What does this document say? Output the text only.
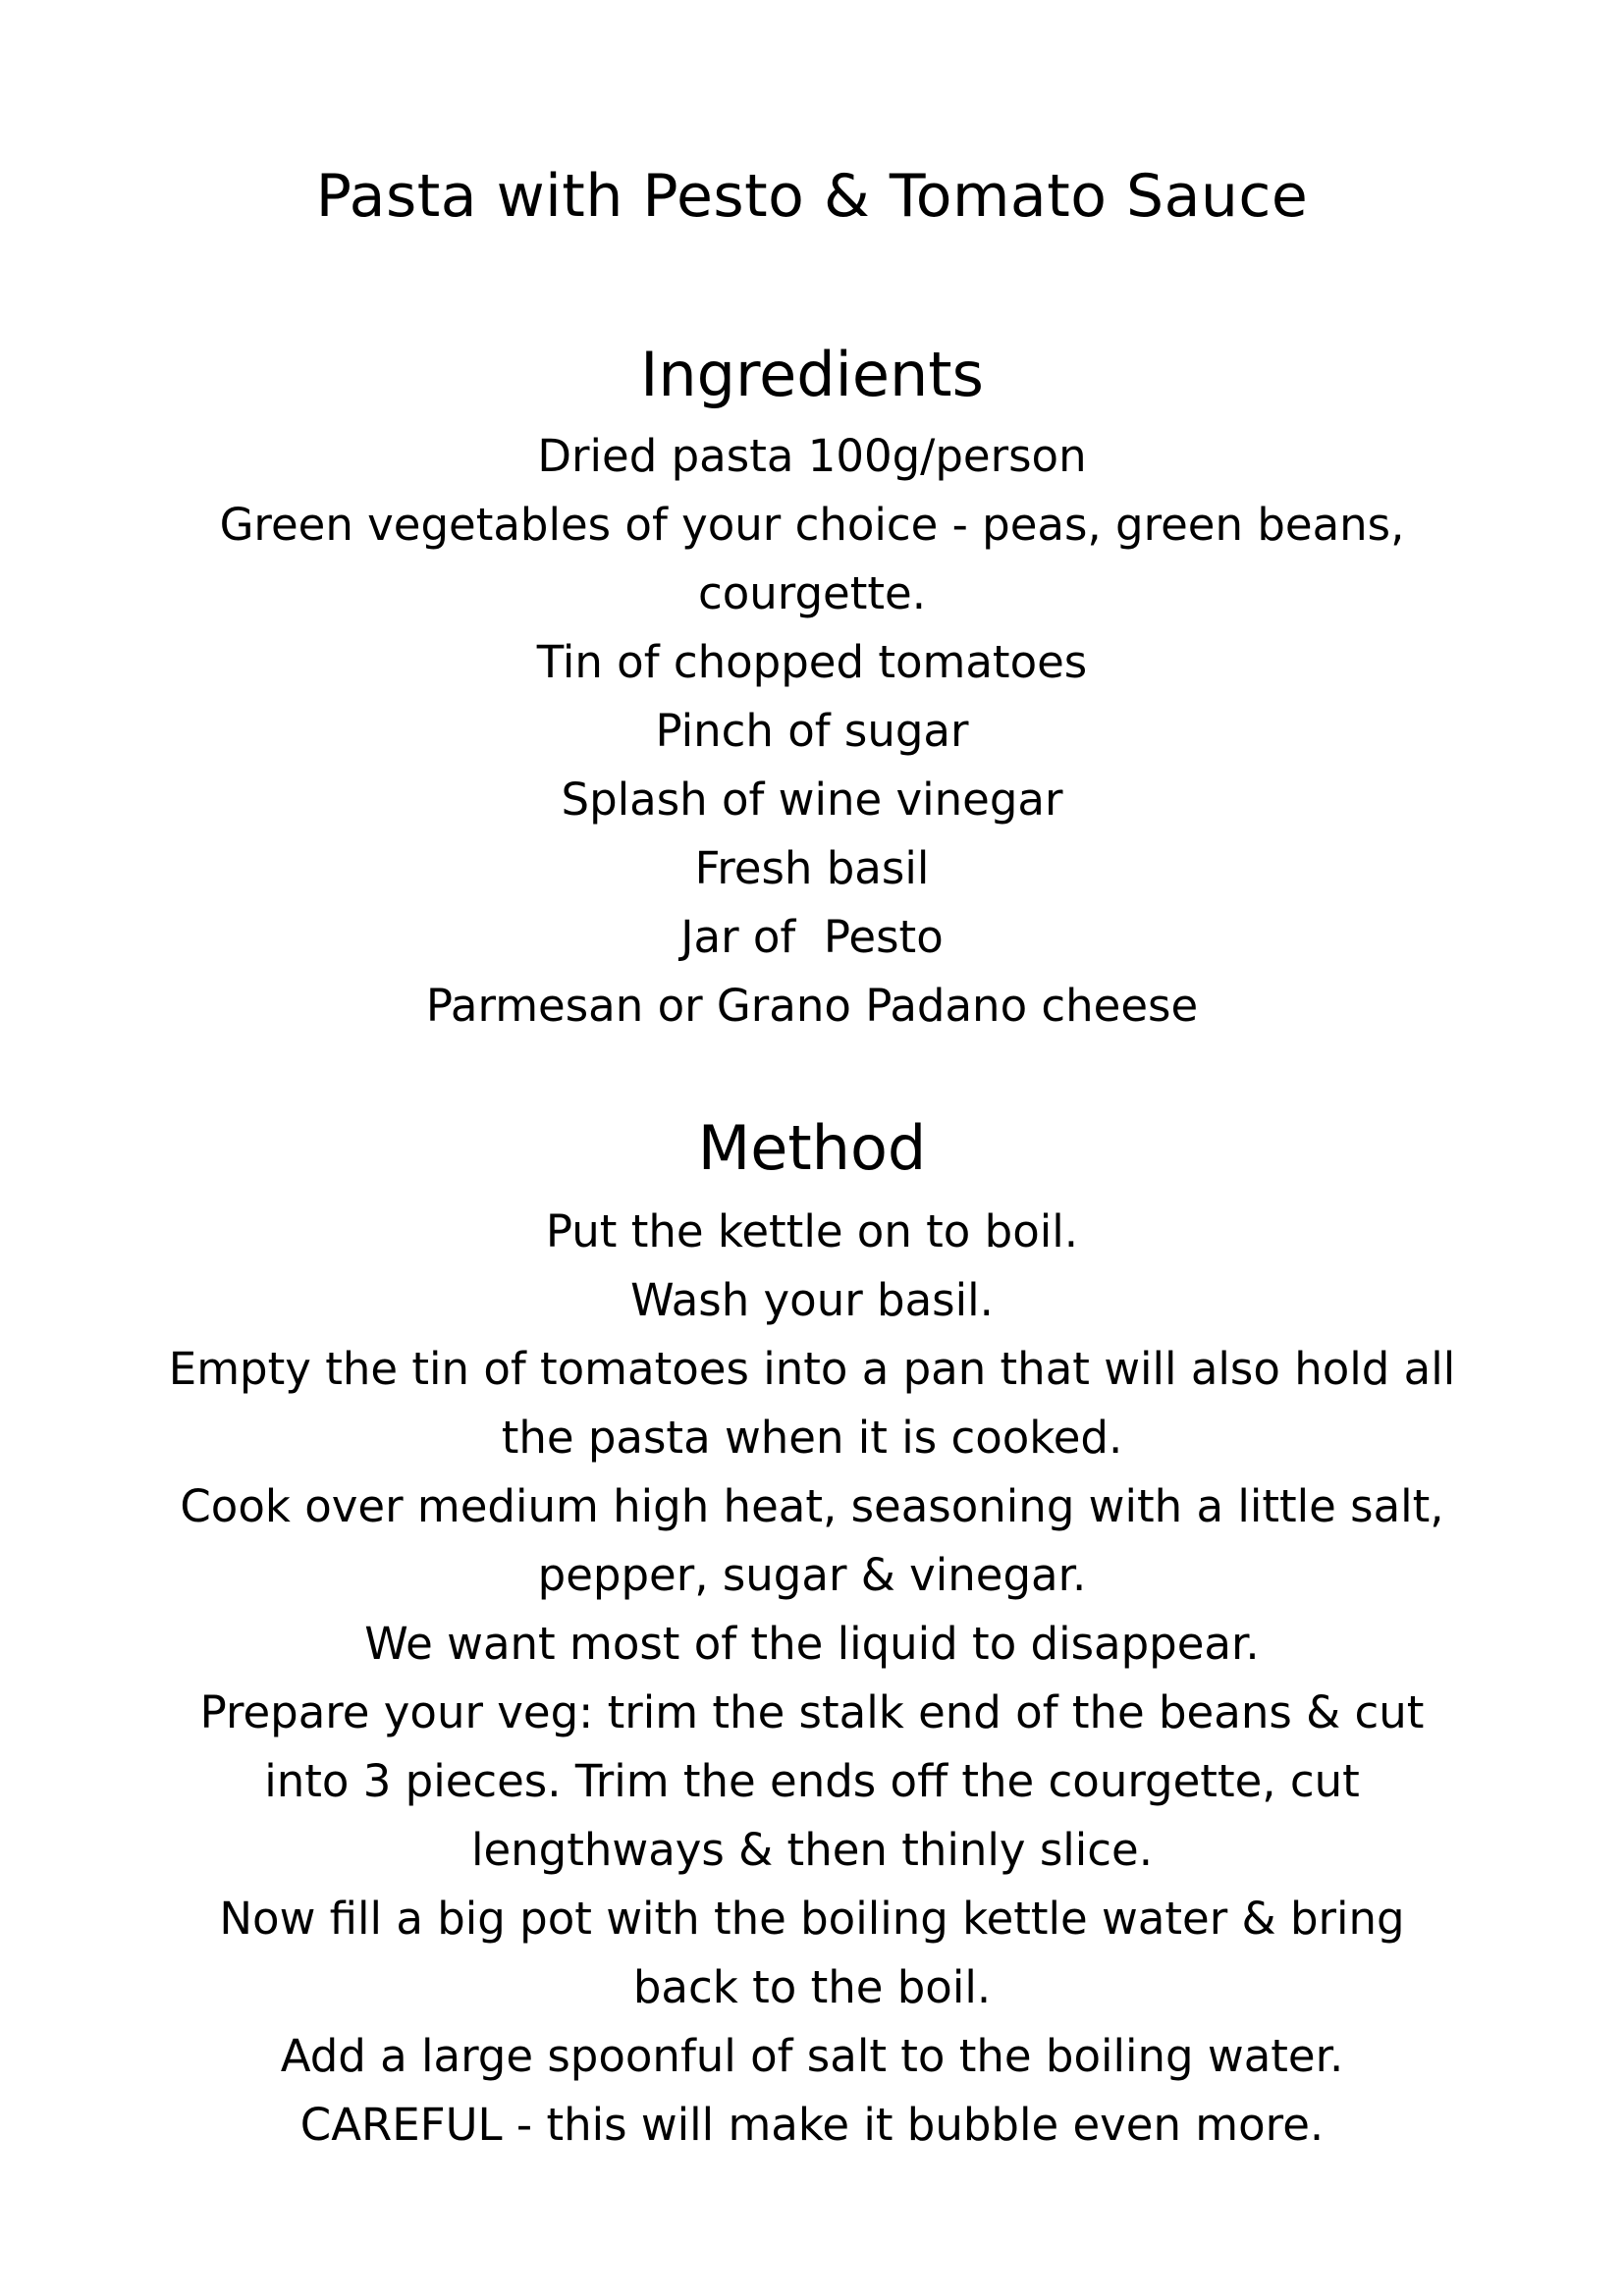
Pasta with Pesto & Tomato Sauce
Ingredients
Dried pasta 100g/person
Green vegetables of your choice - peas, green beans,
courgette.
Tin of chopped tomatoes
Pinch of sugar
Splash of wine vinegar
Fresh basil
Jar of  Pesto
Parmesan or Grano Padano cheese
Method
Put the kettle on to boil.
Wash your basil.
Empty the tin of tomatoes into a pan that will also hold all
the pasta when it is cooked.
Cook over medium high heat, seasoning with a little salt,
pepper, sugar & vinegar.
We want most of the liquid to disappear.
Prepare your veg: trim the stalk end of the beans & cut
into 3 pieces. Trim the ends off the courgette, cut
lengthways & then thinly slice.
Now fill a big pot with the boiling kettle water & bring
back to the boil.
Add a large spoonful of salt to the boiling water.
CAREFUL - this will make it bubble even more.
